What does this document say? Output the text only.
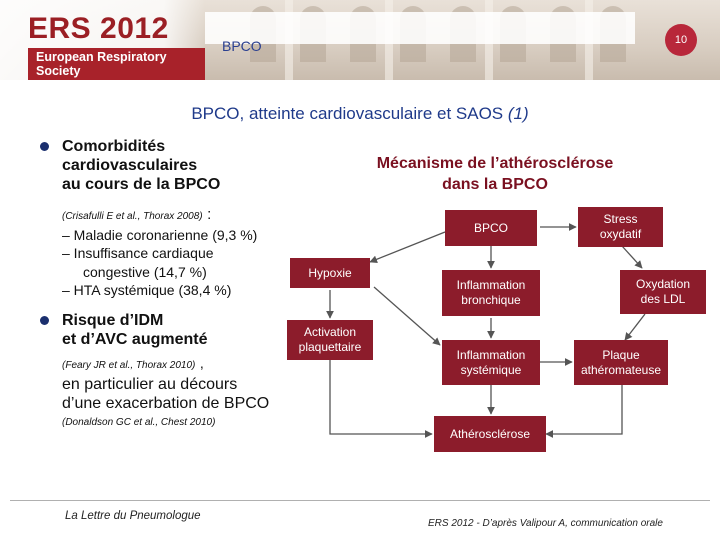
ERS 2012
European Respiratory Society
BPCO	10
BPCO, atteinte cardiovasculaire et SAOS (1)
Comorbidités
cardiovasculaires
au cours de la BPCO
(Crisafulli E et al., Thorax 2008) :
– Maladie coronarienne (9,3 %)
– Insuffisance cardiaque
congestive (14,7 %)
– HTA systémique (38,4 %)
Risque d’IDM
et d’AVC augmenté
(Feary JR et al., Thorax 2010) ,
en particulier au décours
d’une exacerbation de BPCO
(Donaldson GC et al., Chest 2010)
Mécanisme de l’athérosclérose
dans la BPCO
BPCO
Stress
oxydatif
Hypoxie
Inflammation
bronchique
Oxydation
des LDL
Activation
plaquettaire
Inflammation
systémique
Plaque
athéromateuse
Athérosclérose
La Lettre du Pneumologue
ERS 2012 - D’après Valipour A, communication orale
